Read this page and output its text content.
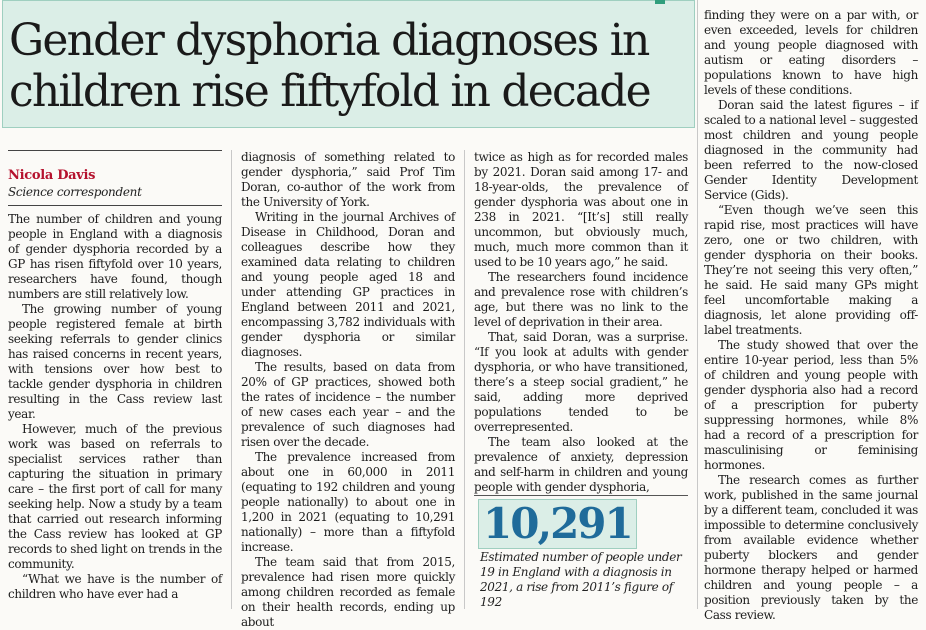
Gender dysphoria diagnoses in
children rise fiftyfold in decade
Nicola Davis
Science correspondent

The number of children and young people in England with a diagnosis of gender dysphoria recorded by a GP has risen fiftyfold over 10 years, researchers have found, though numbers are still relatively low.

The growing number of young people registered female at birth seeking referrals to gender clinics has raised concerns in recent years, with tensions over how best to tackle gender dysphoria in children resulting in the Cass review last year.

However, much of the previous work was based on referrals to specialist services rather than capturing the situation in primary care – the first port of call for many seeking help. Now a study by a team that carried out research informing the Cass review has looked at GP records to shed light on trends in the community.

“What we have is the number of children who have ever had a

diagnosis of something related to gender dysphoria,” said Prof Tim Doran, co-author of the work from the University of York.

Writing in the journal Archives of Disease in Childhood, Doran and colleagues describe how they examined data relating to children and young people aged 18 and under attending GP practices in England between 2011 and 2021, encompassing 3,782 individuals with gender dysphoria or similar diagnoses.

The results, based on data from 20% of GP practices, showed both the rates of incidence – the number of new cases each year – and the prevalence of such diagnoses had risen over the decade.

The prevalence increased from about one in 60,000 in 2011 (equating to 192 children and young people nationally) to about one in 1,200 in 2021 (equating to 10,291 nationally) – more than a fiftyfold increase.

The team said that from 2015, prevalence had risen more quickly among children recorded as female on their health records, ending up about

twice as high as for recorded males by 2021. Doran said among 17- and 18-year-olds, the prevalence of gender dysphoria was about one in 238 in 2021. “[It’s] still really uncommon, but obviously much, much, much more common than it used to be 10 years ago,” he said.

The researchers found incidence and prevalence rose with children’s age, but there was no link to the level of deprivation in their area.

That, said Doran, was a surprise. “If you look at adults with gender dysphoria, or who have transitioned, there’s a steep social gradient,” he said, adding more deprived populations tended to be overrepresented.

The team also looked at the prevalence of anxiety, depression and self-harm in children and young people with gender dysphoria,

10,291

Estimated number of people under 19 in England with a diagnosis in 2021, a rise from 2011’s figure of 192

finding they were on a par with, or even exceeded, levels for children and young people diagnosed with autism or eating disorders – populations known to have high levels of these conditions.

Doran said the latest figures – if scaled to a national level – suggested most children and young people diagnosed in the community had been referred to the now-closed Gender Identity Development Service (Gids).

“Even though we’ve seen this rapid rise, most practices will have zero, one or two children, with gender dysphoria on their books. They’re not seeing this very often,” he said. He said many GPs might feel uncomfortable making a diagnosis, let alone providing off-label treatments.

The study showed that over the entire 10-year period, less than 5% of children and young people with gender dysphoria also had a record of a prescription for puberty suppressing hormones, while 8% had a record of a prescription for masculinising or feminising hormones.

The research comes as further work, published in the same journal by a different team, concluded it was impossible to determine conclusively from available evidence whether puberty blockers and gender hormone therapy helped or harmed children and young people – a position previously taken by the Cass review.
